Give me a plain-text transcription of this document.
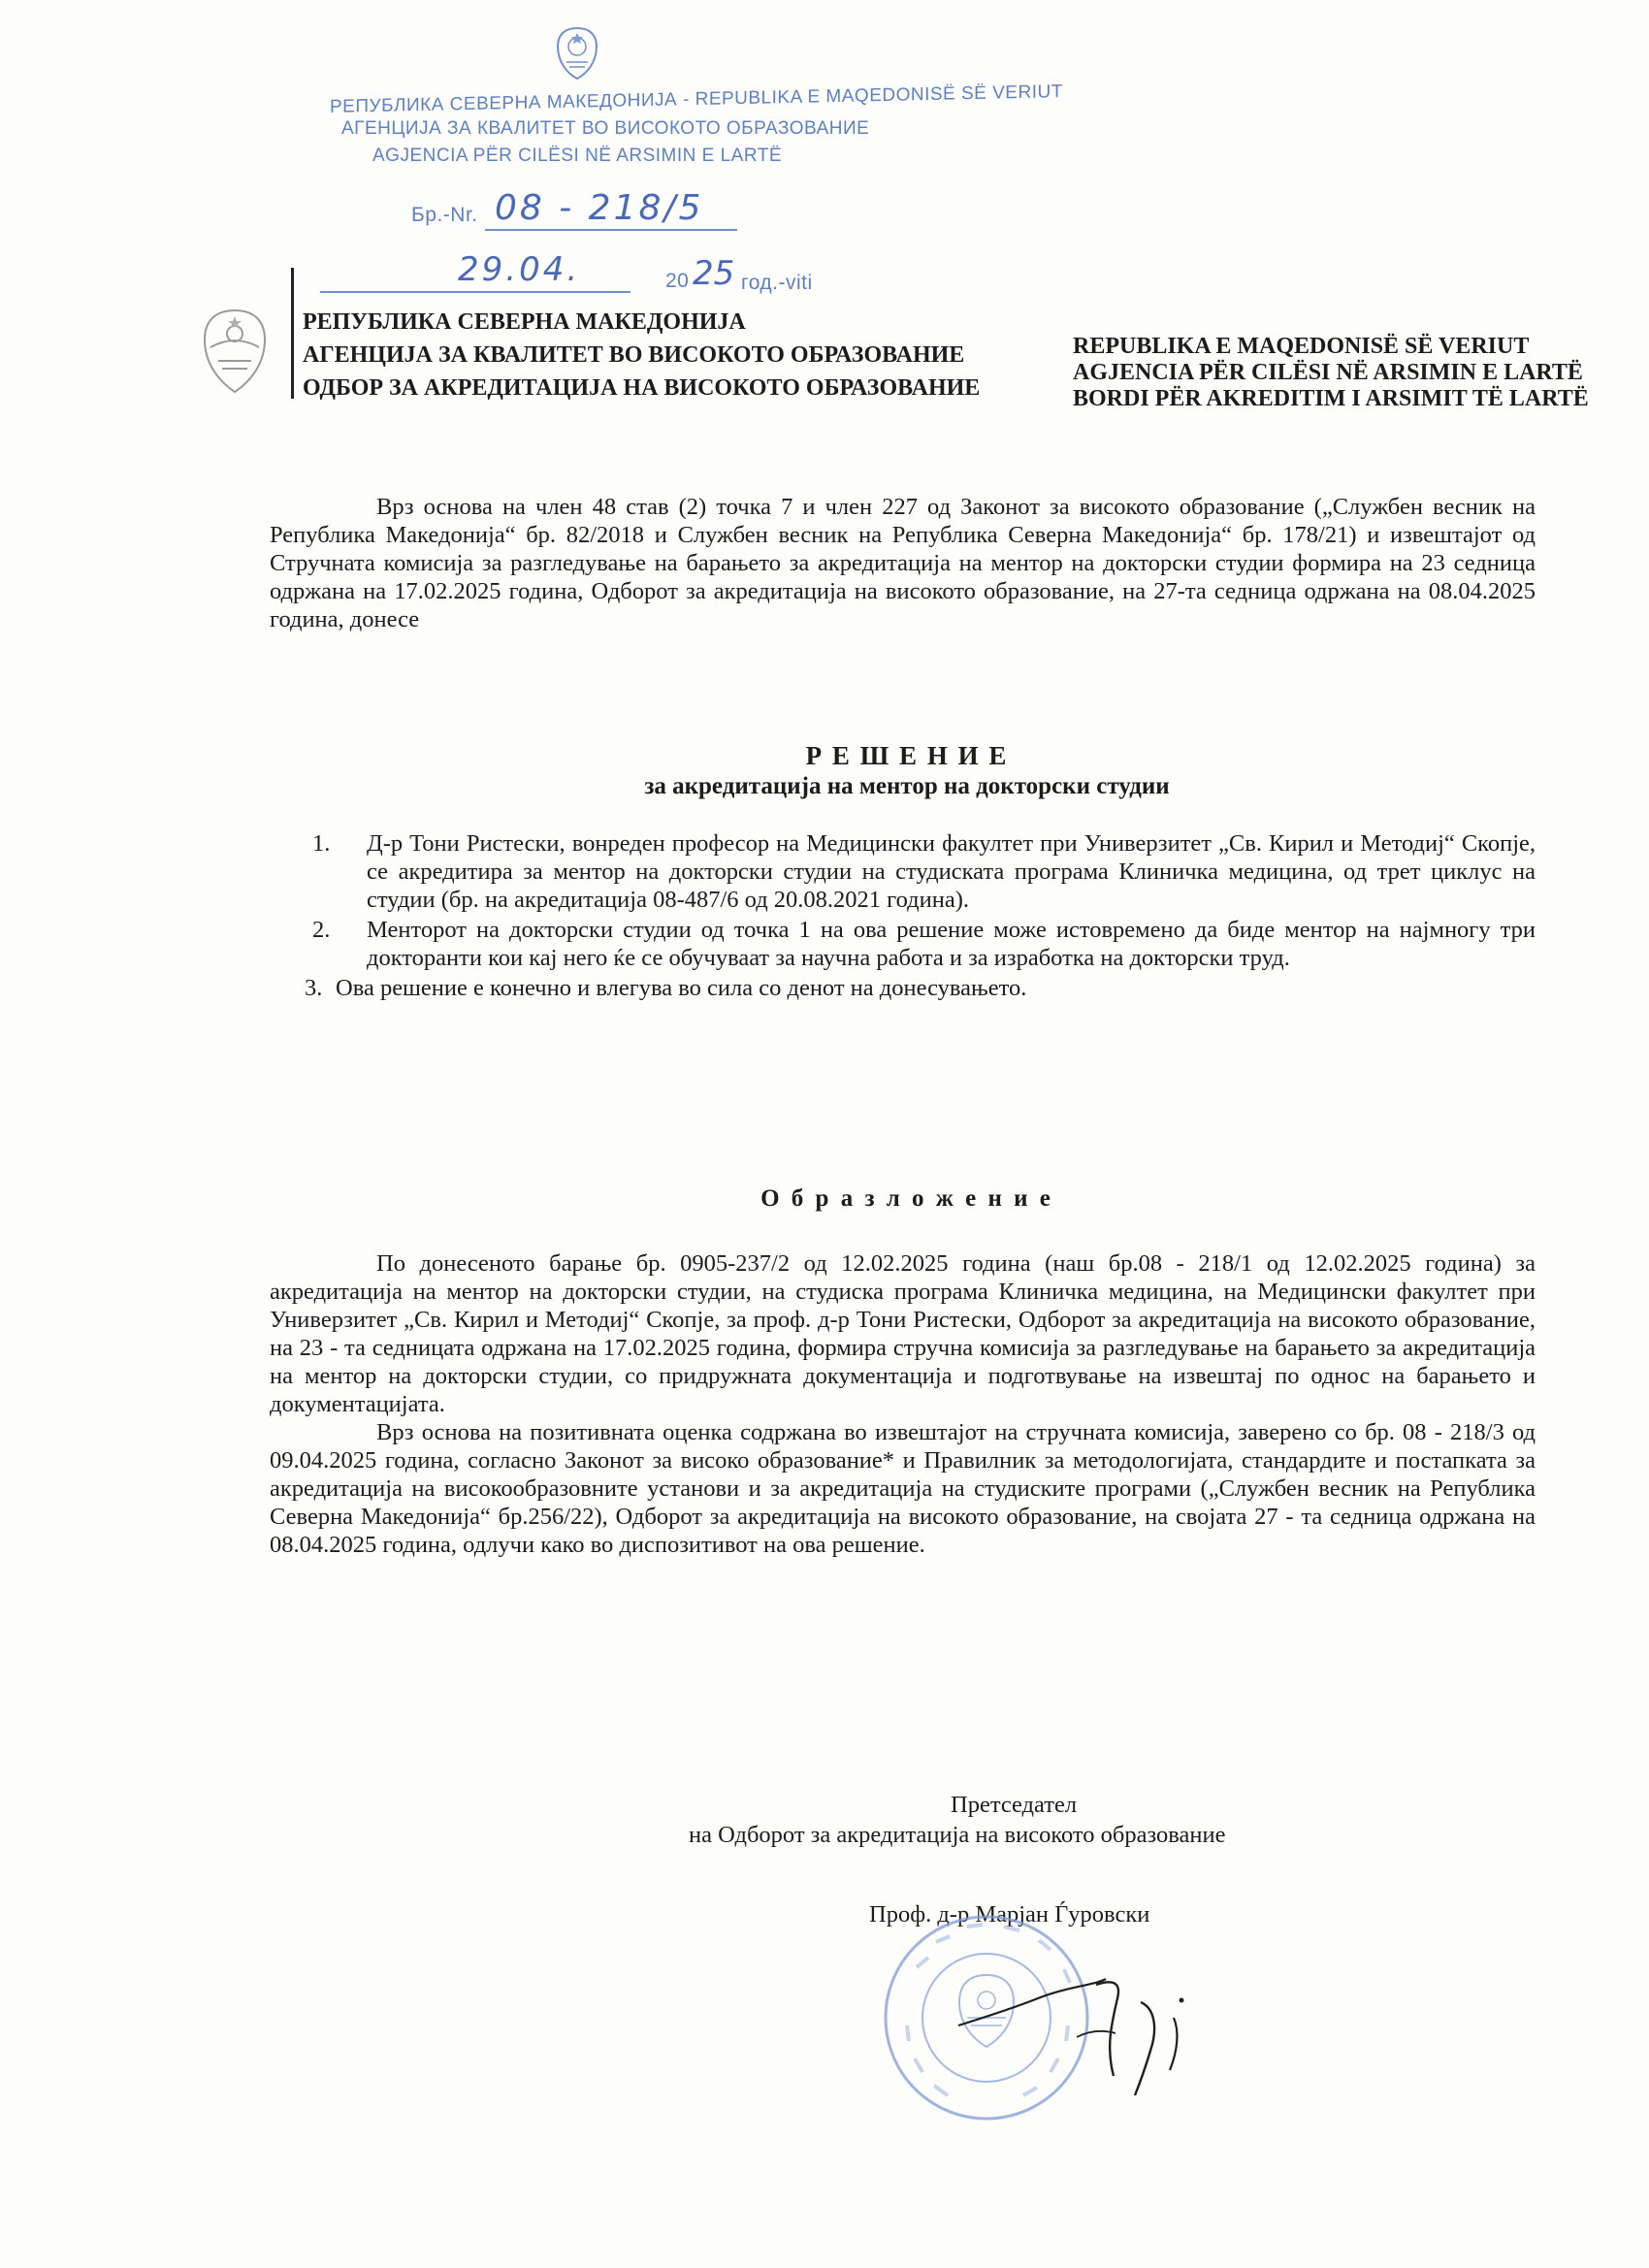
РЕПУБЛИКА СЕВЕРНА МАКЕДОНИЈА - REPUBLIKA E MAQEDONISË SË VERIUT
АГЕНЦИЈА ЗА КВАЛИТЕТ ВО ВИСОКОТО ОБРАЗОВАНИЕ
AGJENCIA PËR CILËSI NË ARSIMIN E LARTË
Бр.-Nr. 08 - 218/5
29.04.	20 25 год.-viti
РЕПУБЛИКА СЕВЕРНА МАКЕДОНИЈА
АГЕНЦИЈА ЗА КВАЛИТЕТ ВО ВИСОКОТО ОБРАЗОВАНИЕ
ОДБОР ЗА АКРЕДИТАЦИЈА НА ВИСОКОТО ОБРАЗОВАНИЕ
REPUBLIKA E MAQEDONISË SË VERIUT
AGJENCIA PËR CILËSI NË ARSIMIN E LARTË
BORDI PËR AKREDITIM I ARSIMIT TË LARTË

Врз основа на член 48 став (2) точка 7 и член 227 од Законот за високото образование („Службен весник на Република Македонија“ бр. 82/2018 и Службен весник на Република Северна Македонија“ бр. 178/21) и извештајот од Стручната комисија за разгледување на барањето за акредитација на ментор на докторски студии формира на 23 седница одржана на 17.02.2025 година, Одборот за акредитација на високото образование, на 27-та седница одржана на 08.04.2025 година, донесе

Р Е Ш Е Н И Е
за акредитација на ментор на докторски студии
1. Д-р Тони Ристески, вонреден професор на Медицински факултет при Универзитет „Св. Кирил и Методиј“ Скопје, се акредитира за ментор на докторски студии на студиската програма Клиничка медицина, од трет циклус на студии (бр. на акредитација 08-487/6 од 20.08.2021 година).
2. Менторот на докторски студии од точка 1 на ова решение може истовремено да биде ментор на најмногу три докторанти кои кај него ќе се обучуваат за научна работа и за изработка на докторски труд.
3. Ова решение е конечно и влегува во сила со денот на донесувањето.
О б р а з л о ж е н и е

По донесеното барање бр. 0905-237/2 од 12.02.2025 година (наш бр.08 - 218/1 од 12.02.2025 година) за акредитација на ментор на докторски студии, на студиска програма Клиничка медицина, на Медицински факултет при Универзитет „Св. Кирил и Методиј“ Скопје, за проф. д-р Тони Ристески, Одборот за акредитација на високото образование, на 23 - та седницата одржана на 17.02.2025 година, формира стручна комисија за разгледување на барањето за акредитација на ментор на докторски студии, со придружната документација и подготвување на извештај по однос на барањето и документацијата.

Врз основа на позитивната оценка содржана во извештајот на стручната комисија, заверено со бр. 08 - 218/3 од 09.04.2025 година, согласно Законот за високо образование* и Правилник за методологијата, стандардите и постапката за акредитација на високообразовните установи и за акредитација на студиските програми („Службен весник на Република Северна Македонија“ бр.256/22), Одборот за акредитација на високото образование, на својата 27 - та седница одржана на 08.04.2025 година, одлучи како во диспозитивот на ова решение.

Претседател
на Одборот за акредитација на високото образование
Проф. д-р Марјан Ѓуровски
